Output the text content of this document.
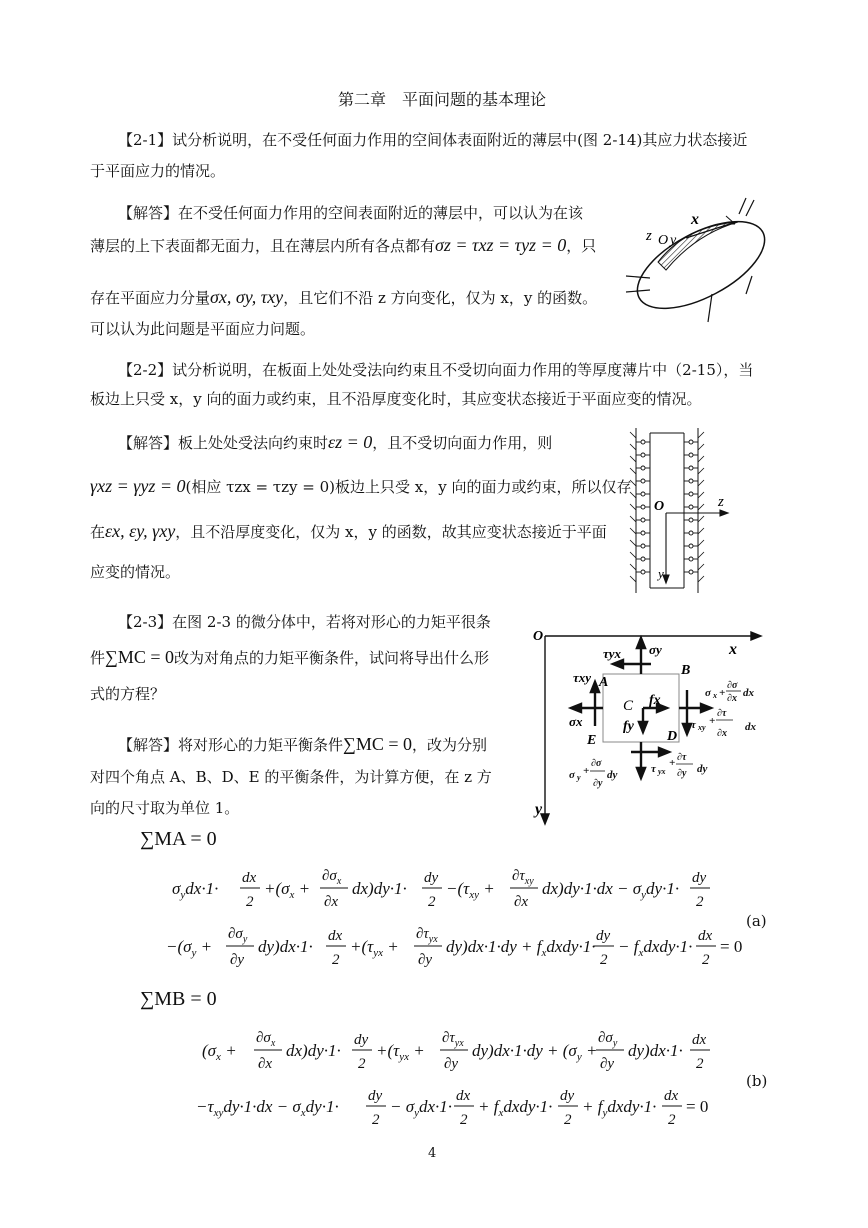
第二章　平面问题的基本理论
【2-1】试分析说明，在不受任何面力作用的空间体表面附近的薄层中(图 2-14)其应力状态接近
于平面应力的情况。
【解答】在不受任何面力作用的空间表面附近的薄层中，可以认为在该
薄层的上下表面都无面力，且在薄层内所有各点都有σz = τxz = τyz = 0，只
存在平面应力分量σx, σy, τxy，且它们不沿 z 方向变化，仅为 x，y 的函数。
可以认为此问题是平面应力问题。
x
z O y
【2-2】试分析说明，在板面上处处受法向约束且不受切向面力作用的等厚度薄片中（2-15），当
板边上只受 x，y 向的面力或约束，且不沿厚度变化时，其应变状态接近于平面应变的情况。
【解答】板上处处受法向约束时εz = 0，且不受切向面力作用，则
γxz = γyz = 0(相应 τzx = τzy = 0)板边上只受 x，y 向的面力或约束，所以仅存
在εx, εy, γxy，且不沿厚度变化，仅为 x，y 的函数，故其应变状态接近于平面
应变的情况。
z
O
y
【2-3】在图 2-3 的微分体中，若将对形心的力矩平很条
件∑MC = 0改为对角点的力矩平衡条件，试问将导出什么形
式的方程？
【解答】将对形心的力矩平衡条件∑MC = 0，改为分别
对四个角点 A、B、D、E 的平衡条件，为计算方便，在 z 方
向的尺寸取为单位 1。
O
x
y
A
B
C
D
E
σy
τyx
τxy
σx
fx
fy
σ x +
∂σ
∂x dx
τ xy
+
∂τ
∂x
dx
σ y
+
∂σ
∂y
dy	τ yx
+ ∂τ
∂y dy
∑MA = 0
$\sigma_ydx\cdot 1\cdot$
dx
2
$+(\sigma_x$ +
$\partial\sigma_x$
∂x
dx)dy·1·
dy
2
$-(\tau_{xy}$ +
$\partial\tau_{xy}$
∂x
$dx)dy\cdot 1\cdot dx - \sigma_ydy\cdot 1\cdot$
dy
2
$-(\sigma_y$ +
$\partial\sigma_y$
∂y
dy)dx·1·
dx
2
$+(\tau_{yx}$ +
$\partial\tau_{yx}$
∂y
$dy)dx\cdot 1\cdot dy + f_xdxdy\cdot 1\cdot$
dy
2
− $f_xdxdy\cdot 1\cdot$
dx
2
= 0
(a)
∑MB = 0
($\sigma_x$ +
$\partial\sigma_x$
∂x
dx)dy·1·
dy
2
$+(\tau_{yx}$ +
$\partial\tau_{yx}$
∂y
$dy)dx\cdot 1\cdot dy + (\sigma_y$ +
$\partial\sigma_y$
∂y
dy)dx·1·
dx
2
$-\tau_{xy}dy\cdot 1\cdot dx - \sigma_xdy\cdot 1\cdot$
dy
2
− $\sigma_ydx\cdot 1\cdot$
dx
2
+ $f_xdxdy\cdot 1\cdot$
dy
2
+ $f_ydxdy\cdot 1\cdot$
dx
2
= 0
(b)
4
